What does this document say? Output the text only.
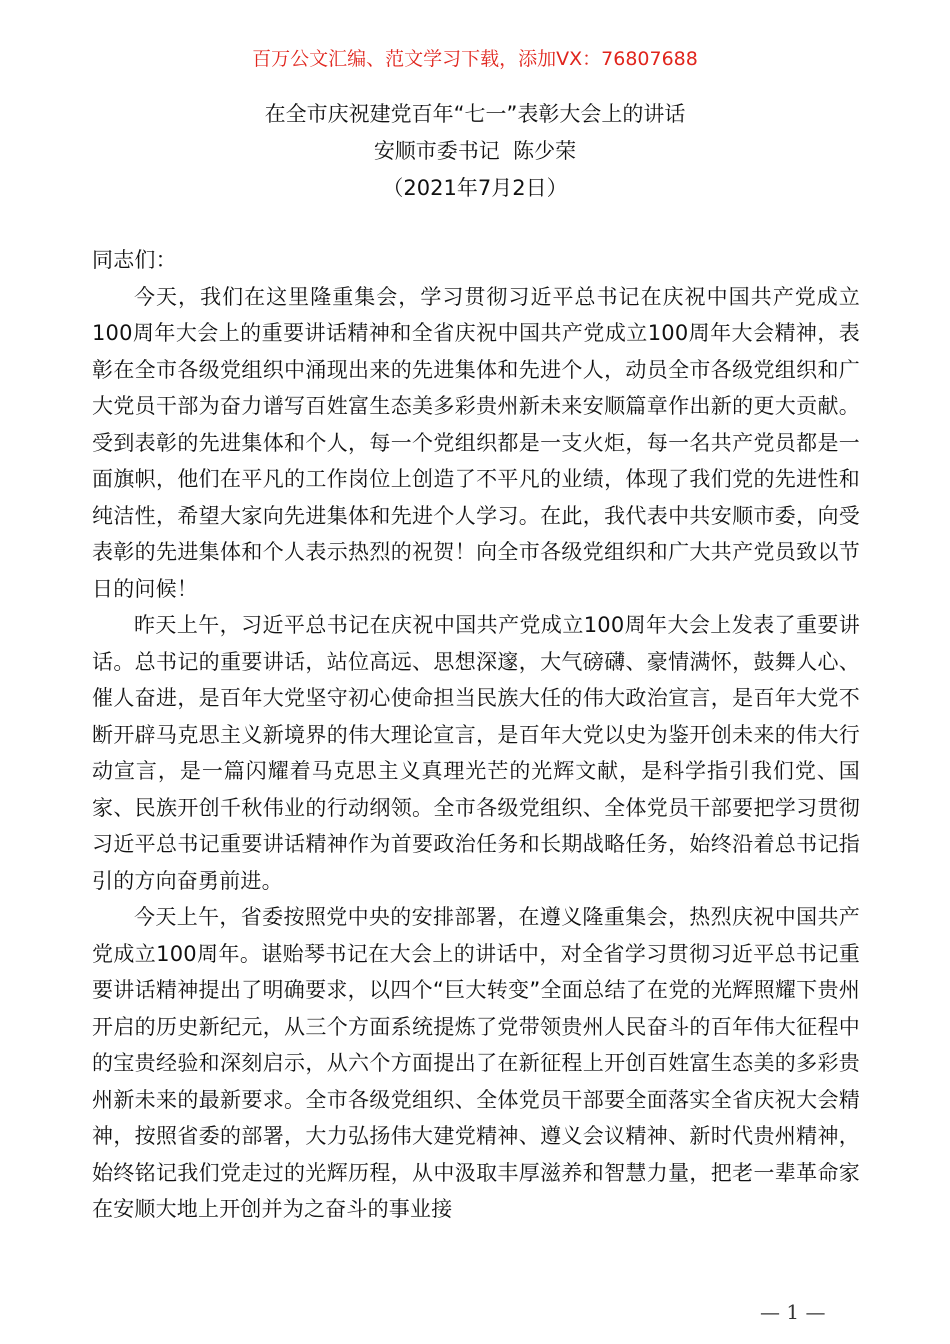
百万公文汇编、范文学习下载，添加VX：76807688
在全市庆祝建党百年“七一”表彰大会上的讲话
安顺市委书记  陈少荣
（2021年7月2日）

同志们：

今天，我们在这里隆重集会，学习贯彻习近平总书记在庆祝中国共产党成立100周年大会上的重要讲话精神和全省庆祝中国共产党成立100周年大会精神，表彰在全市各级党组织中涌现出来的先进集体和先进个人，动员全市各级党组织和广大党员干部为奋力谱写百姓富生态美多彩贵州新未来安顺篇章作出新的更大贡献。受到表彰的先进集体和个人，每一个党组织都是一支火炬，每一名共产党员都是一面旗帜，他们在平凡的工作岗位上创造了不平凡的业绩，体现了我们党的先进性和纯洁性，希望大家向先进集体和先进个人学习。在此，我代表中共安顺市委，向受表彰的先进集体和个人表示热烈的祝贺！向全市各级党组织和广大共产党员致以节日的问候！

昨天上午，习近平总书记在庆祝中国共产党成立100周年大会上发表了重要讲话。总书记的重要讲话，站位高远、思想深邃，大气磅礴、豪情满怀，鼓舞人心、催人奋进，是百年大党坚守初心使命担当民族大任的伟大政治宣言，是百年大党不断开辟马克思主义新境界的伟大理论宣言，是百年大党以史为鉴开创未来的伟大行动宣言，是一篇闪耀着马克思主义真理光芒的光辉文献，是科学指引我们党、国家、民族开创千秋伟业的行动纲领。全市各级党组织、全体党员干部要把学习贯彻习近平总书记重要讲话精神作为首要政治任务和长期战略任务，始终沿着总书记指引的方向奋勇前进。

今天上午，省委按照党中央的安排部署，在遵义隆重集会，热烈庆祝中国共产党成立100周年。谌贻琴书记在大会上的讲话中，对全省学习贯彻习近平总书记重要讲话精神提出了明确要求，以四个“巨大转变”全面总结了在党的光辉照耀下贵州开启的历史新纪元，从三个方面系统提炼了党带领贵州人民奋斗的百年伟大征程中的宝贵经验和深刻启示，从六个方面提出了在新征程上开创百姓富生态美的多彩贵州新未来的最新要求。全市各级党组织、全体党员干部要全面落实全省庆祝大会精神，按照省委的部署，大力弘扬伟大建党精神、遵义会议精神、新时代贵州精神，始终铭记我们党走过的光辉历程，从中汲取丰厚滋养和智慧力量，把老一辈革命家在安顺大地上开创并为之奋斗的事业接

— 1 —
